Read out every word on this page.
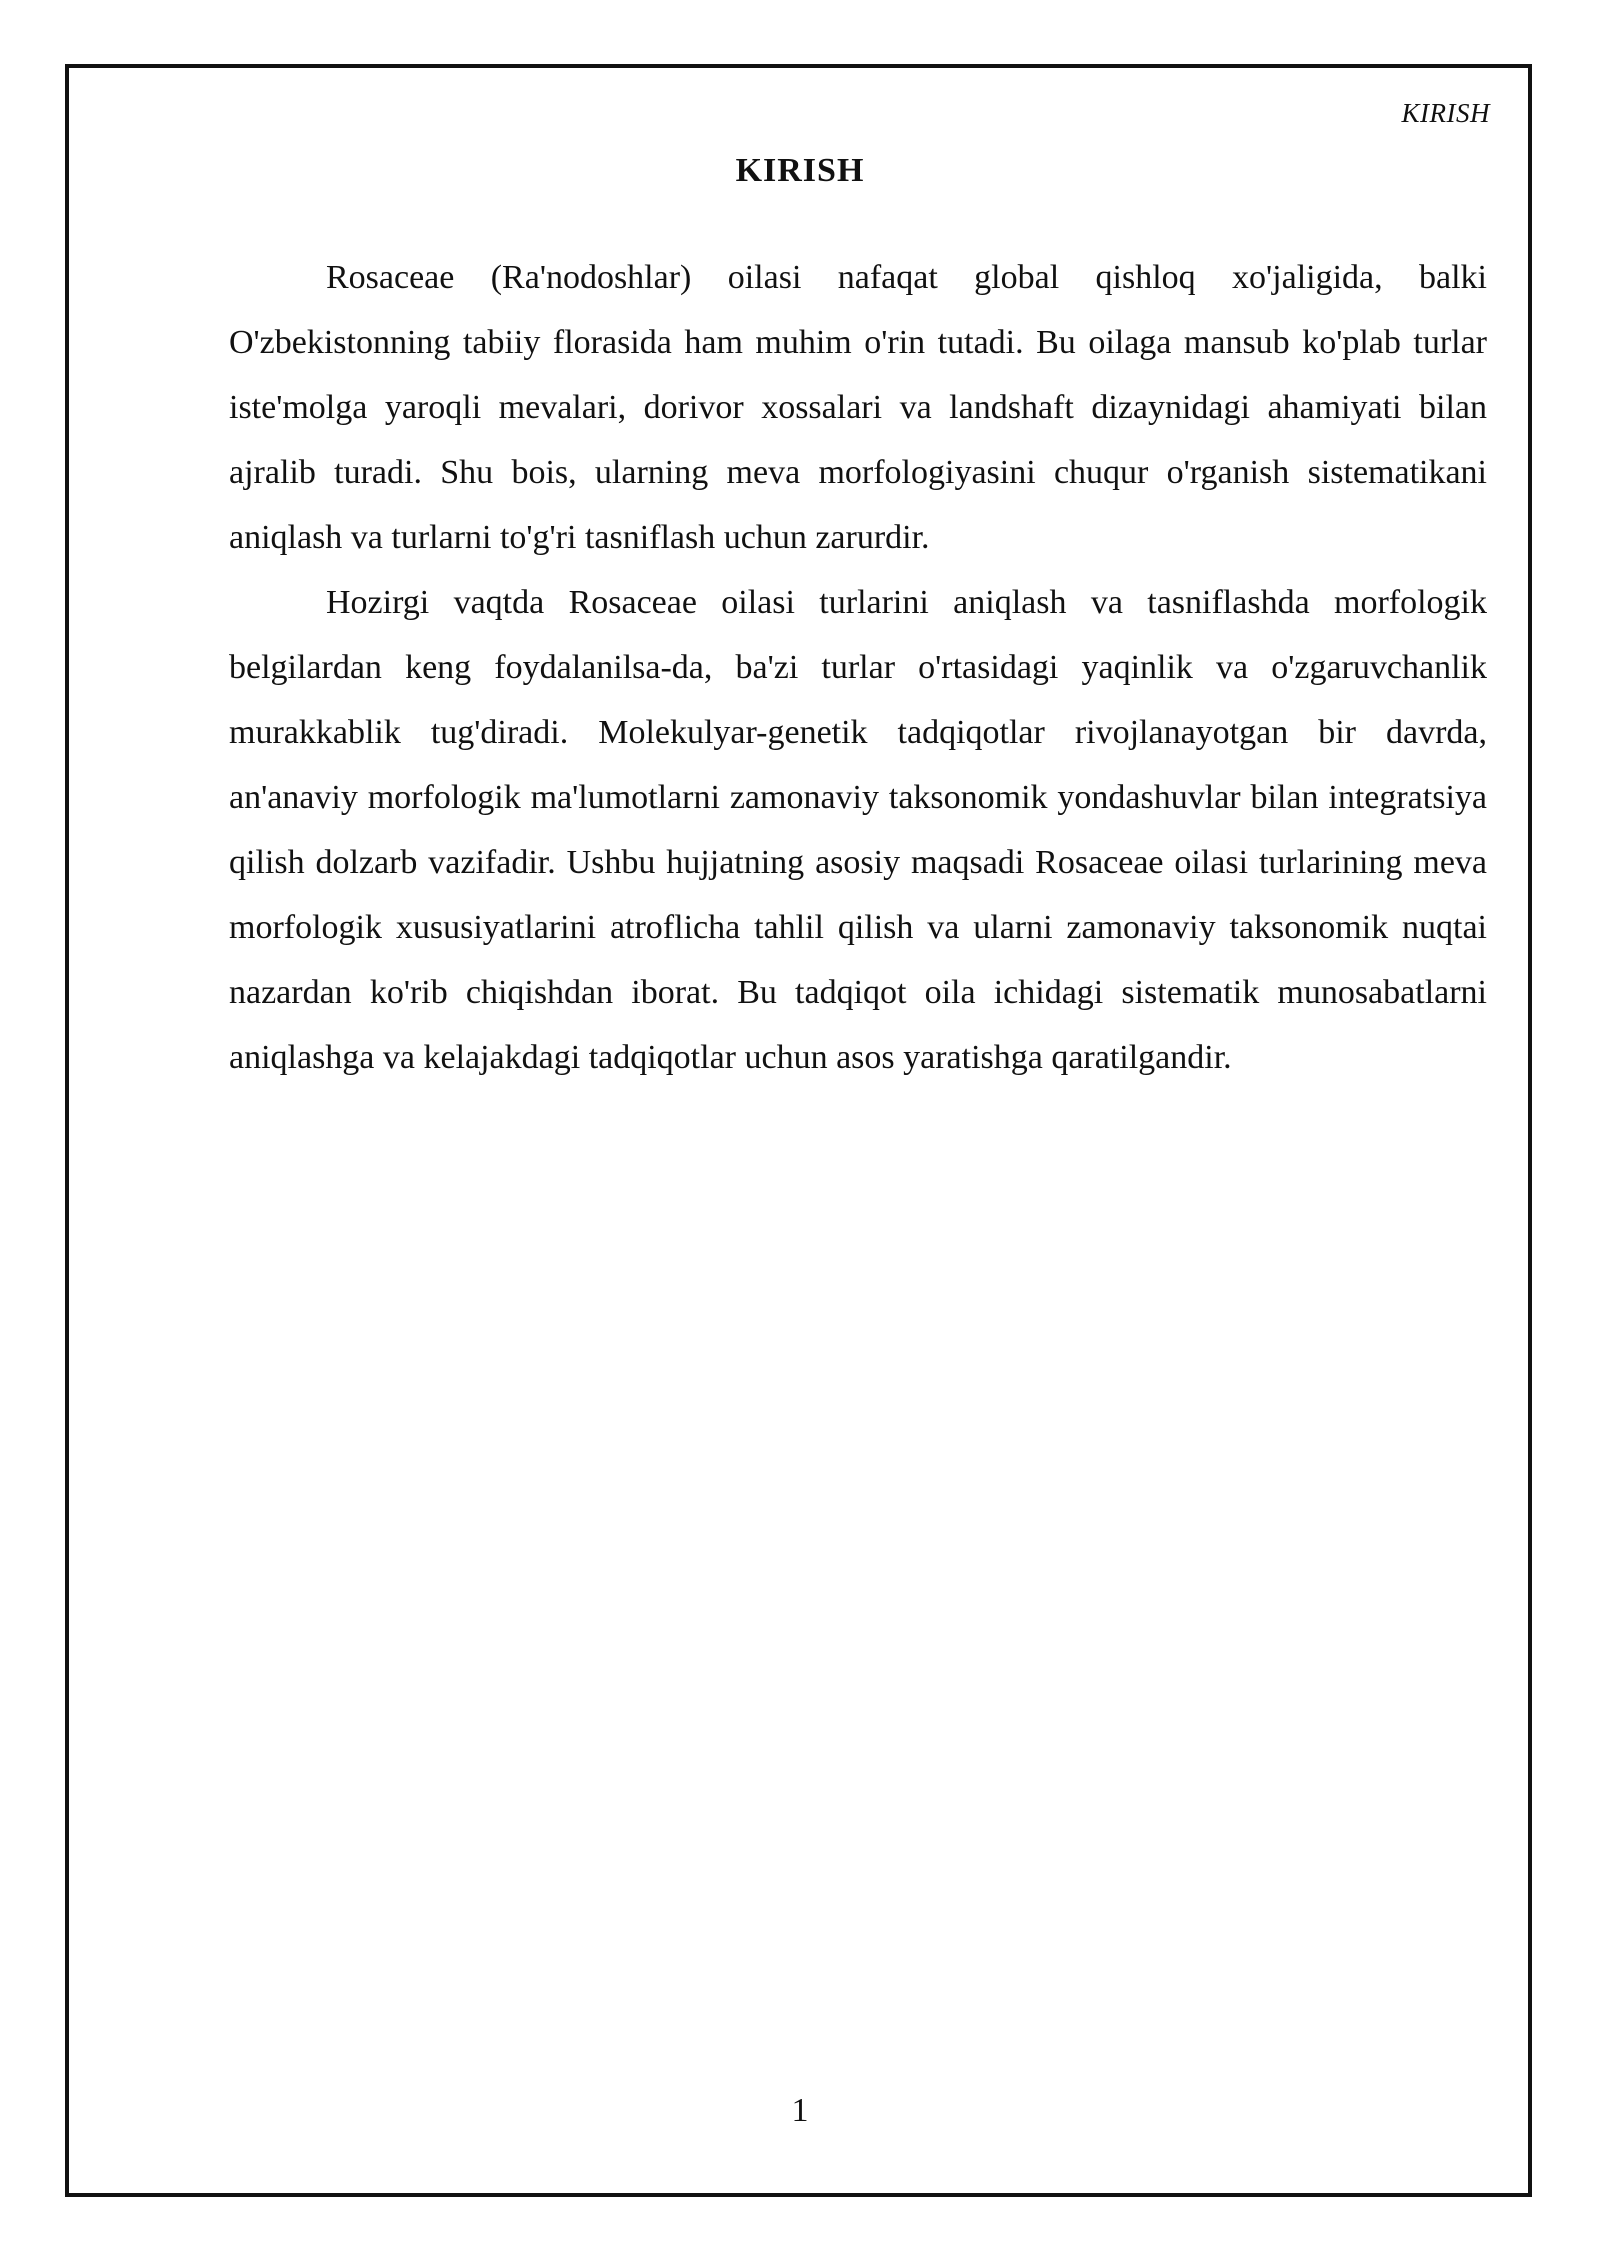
KIRISH
KIRISH

Rosaceae (Ra'nodoshlar) oilasi nafaqat global qishloq xo'jaligida, balki O'zbekistonning tabiiy florasida ham muhim o'rin tutadi. Bu oilaga mansub ko'plab turlar iste'molga yaroqli mevalari, dorivor xossalari va landshaft dizaynidagi ahamiyati bilan ajralib turadi. Shu bois, ularning meva morfologiyasini chuqur o'rganish sistematikani aniqlash va turlarni to'g'ri tasniflash uchun zarurdir.

Hozirgi vaqtda Rosaceae oilasi turlarini aniqlash va tasniflashda morfologik belgilardan keng foydalanilsa-da, ba'zi turlar o'rtasidagi yaqinlik va o'zgaruvchanlik murakkablik tug'diradi. Molekulyar-genetik tadqiqotlar rivojlanayotgan bir davrda, an'anaviy morfologik ma'lumotlarni zamonaviy taksonomik yondashuvlar bilan integratsiya qilish dolzarb vazifadir. Ushbu hujjatning asosiy maqsadi Rosaceae oilasi turlarining meva morfologik xususiyatlarini atroflicha tahlil qilish va ularni zamonaviy taksonomik nuqtai nazardan ko'rib chiqishdan iborat. Bu tadqiqot oila ichidagi sistematik munosabatlarni aniqlashga va kelajakdagi tadqiqotlar uchun asos yaratishga qaratilgandir.

1
